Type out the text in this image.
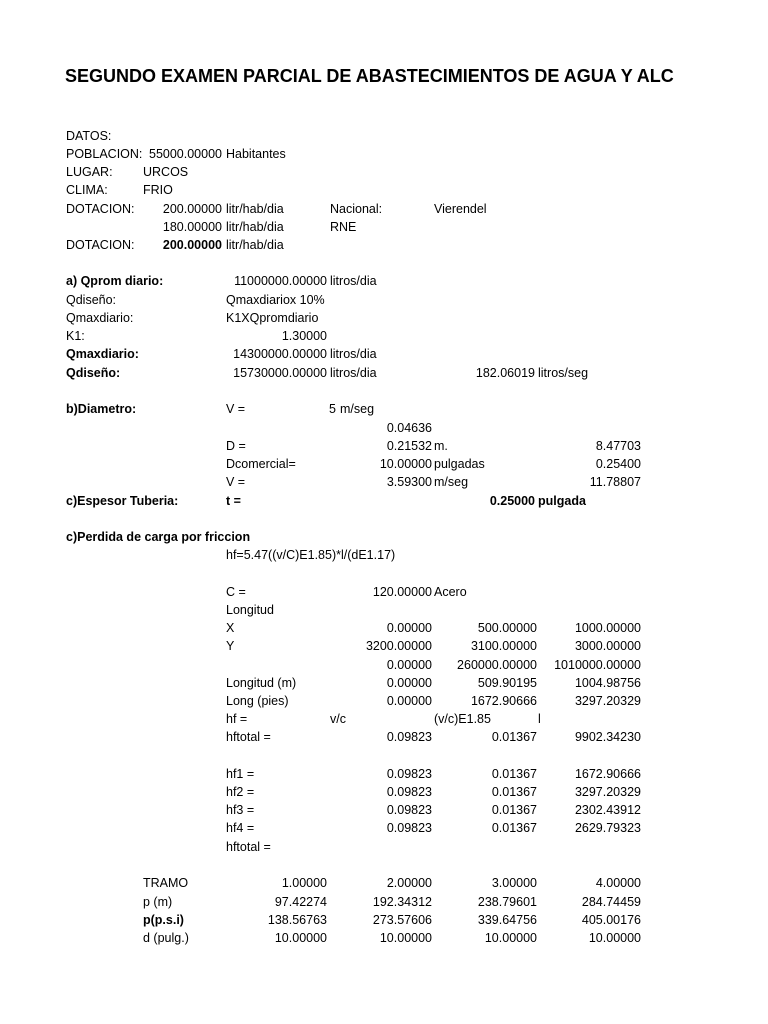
SEGUNDO EXAMEN PARCIAL DE ABASTECIMIENTOS DE AGUA Y ALC
DATOS:
POBLACION: 55000.00000 Habitantes
LUGAR: URCOS
CLIMA:	FRIO
DOTACION:	200.00000 litr/hab/dia	Nacional:	Vierendel
180.00000 litr/hab/dia	RNE
DOTACION:	200.00000 litr/hab/dia
a) Qprom diario:	11000000.00000 litros/dia
Qdiseño:	Qmaxdiariox 10%
Qmaxdiario:	K1XQpromdiario
K1:	1.30000
Qmaxdiario:	14300000.00000 litros/dia
Qdiseño:	15730000.00000 litros/dia	182.06019 litros/seg
b)Diametro:	V =	5 m/seg
0.04636
D =	0.21532 m.	8.47703
Dcomercial=	10.00000 pulgadas	0.25400
V =	3.59300 m/seg	11.78807
c)Espesor Tuberia:	t =	0.25000 pulgada
c)Perdida de carga por friccion
hf=5.47((v/C)E1.85)*l/(dE1.17)
C =	120.00000 Acero
Longitud
X	0.00000	500.00000	1000.00000
Y	3200.00000	3100.00000	3000.00000
0.00000	260000.00000	1010000.00000
Longitud (m)	0.00000	509.90195	1004.98756
Long (pies)	0.00000	1672.90666	3297.20329
hf =	v/c	(v/c)E1.85	l
hftotal =	0.09823	0.01367	9902.34230
hf1 =	0.09823	0.01367	1672.90666
hf2 =	0.09823	0.01367	3297.20329
hf3 =	0.09823	0.01367	2302.43912
hf4 =	0.09823	0.01367	2629.79323
hftotal =
TRAMO	1.00000	2.00000	3.00000	4.00000
p (m)	97.42274	192.34312	238.79601	284.74459
p(p.s.i)	138.56763	273.57606	339.64756	405.00176
d (pulg.)	10.00000	10.00000	10.00000	10.00000
